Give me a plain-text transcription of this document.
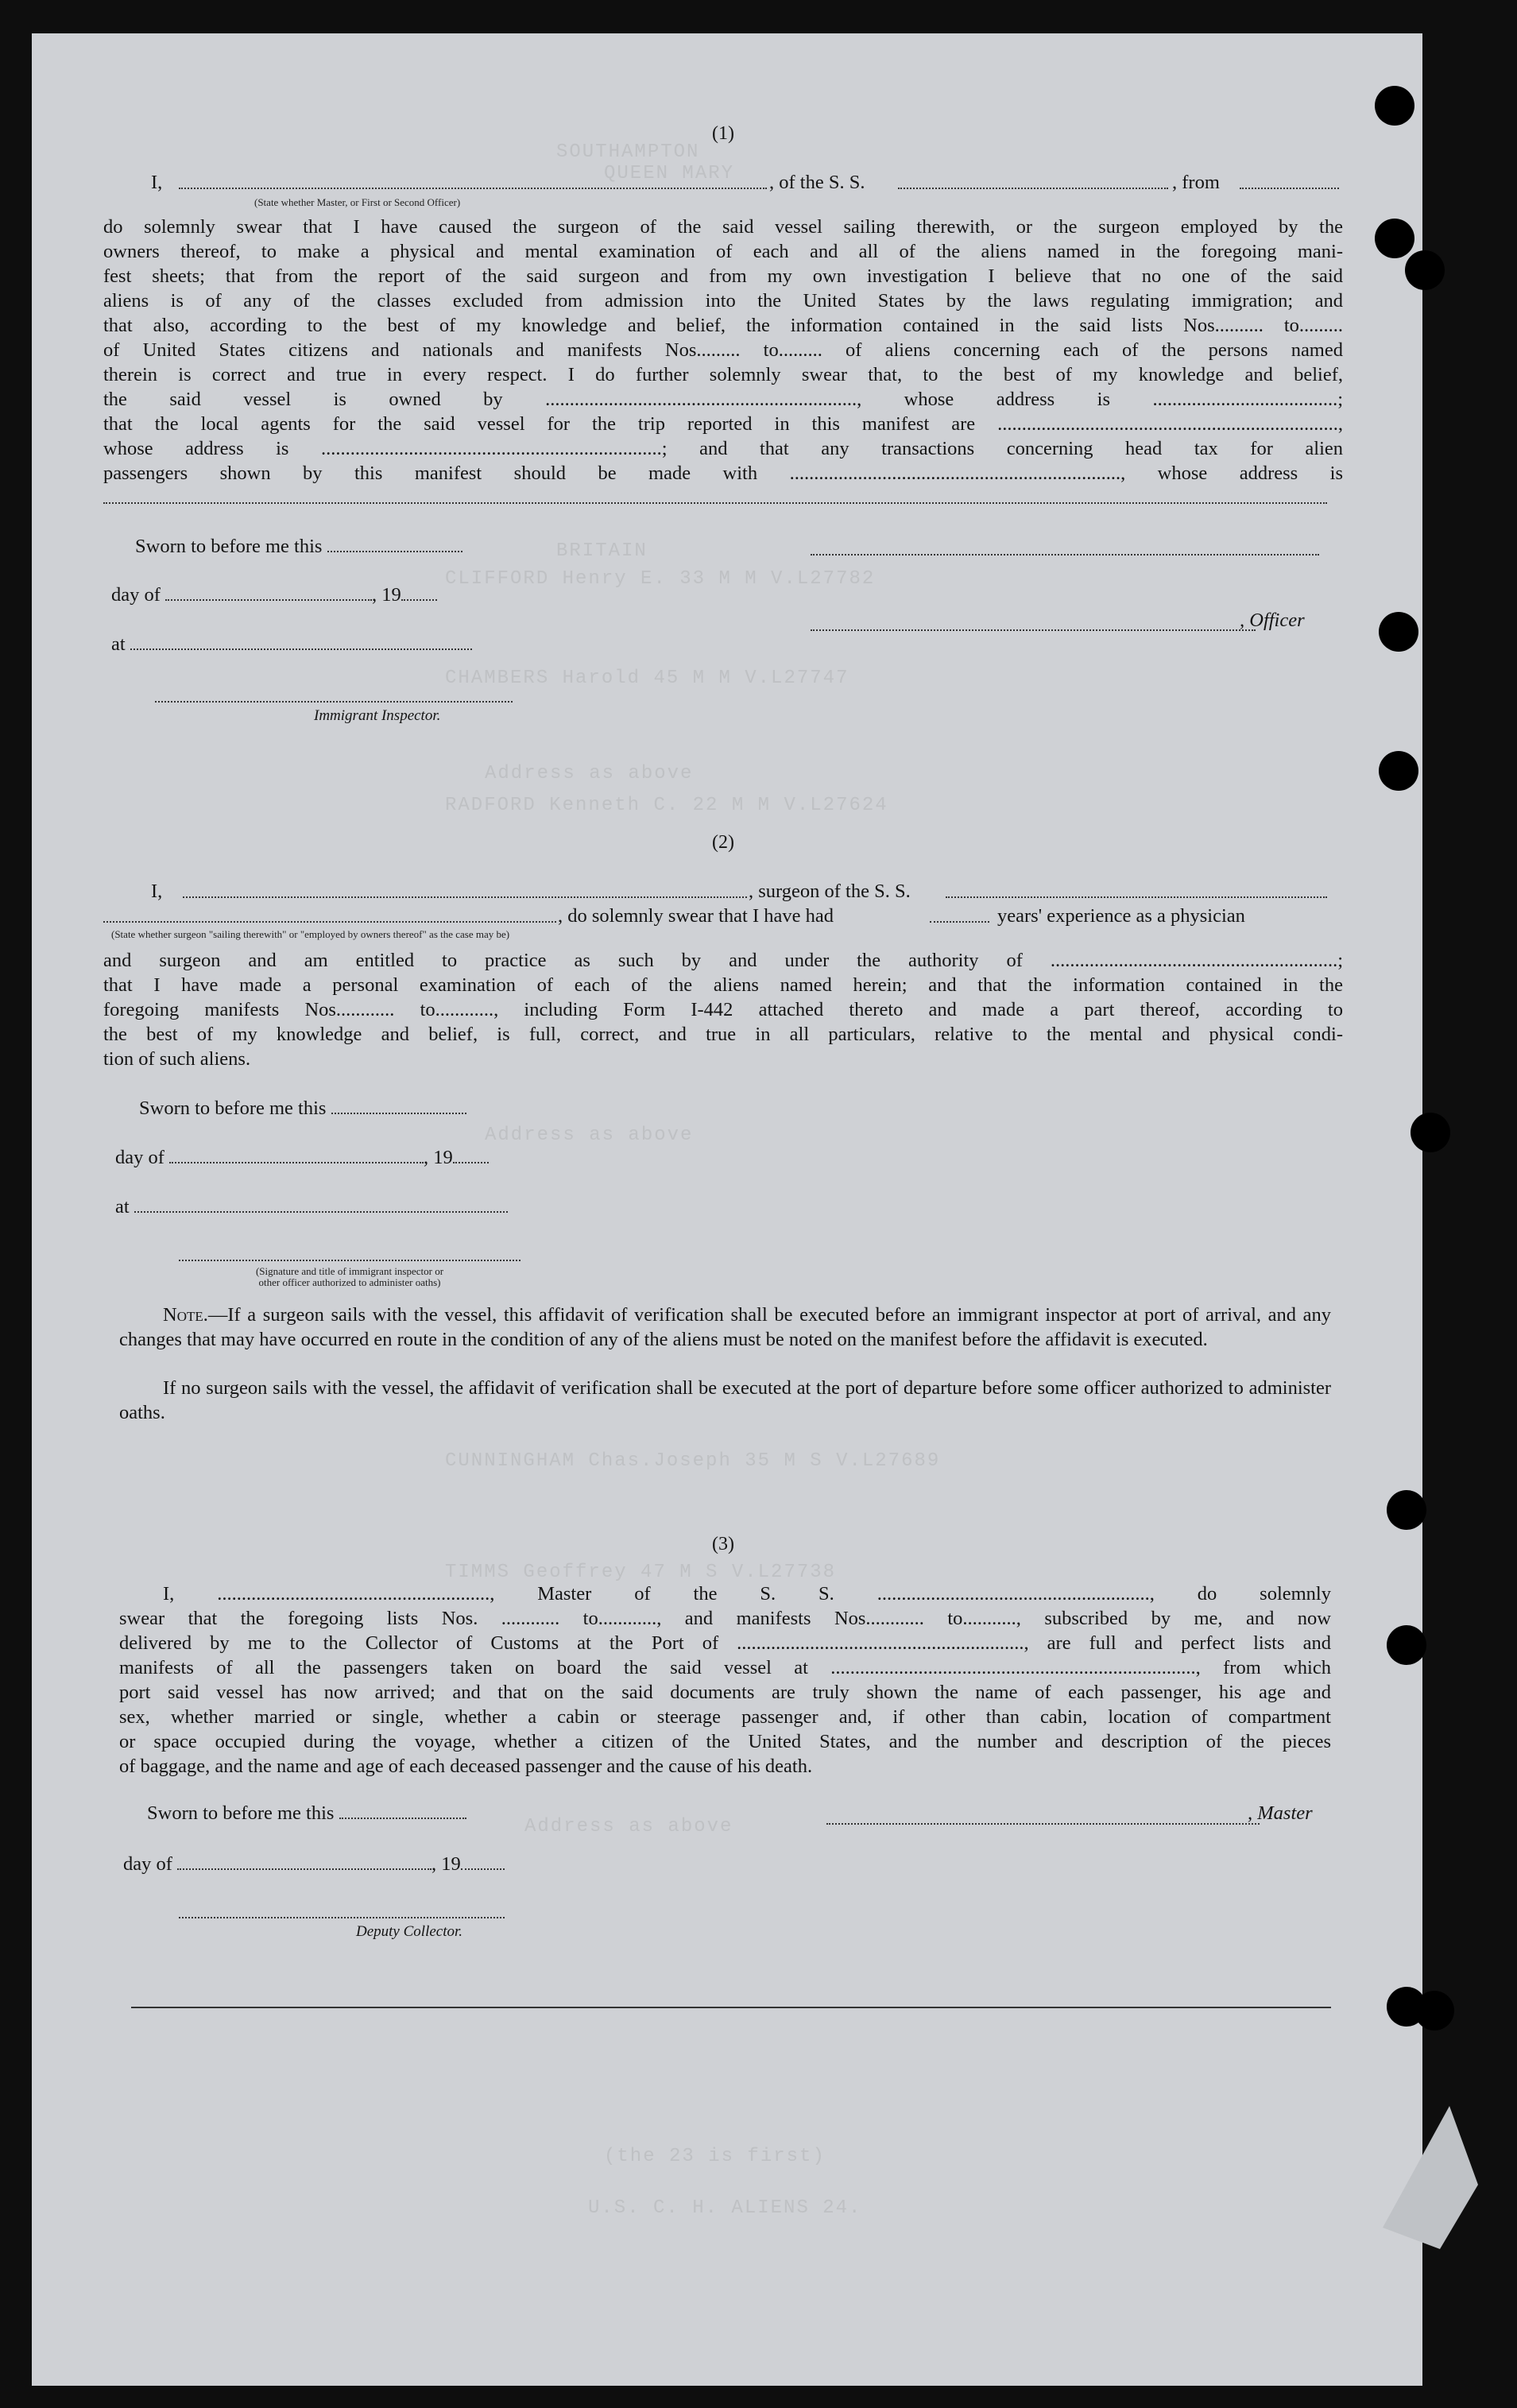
QUEEN MARY
SOUTHAMPTON
BRITAIN
CLIFFORD Henry E. 33 M M V.L27782
CHAMBERS Harold 45 M M V.L27747
RADFORD Kenneth C. 22 M M V.L27624
Address as above
Address as above
CUNNINGHAM Chas.Joseph 35 M S V.L27689
TIMMS Geoffrey 47 M S V.L27738
Address as above
(the 23 is first)
U.S. C. H. ALIENS 24.
(1)
I,	, of the S. S.	, from
(State whether Master, or First or Second Officer)
do solemnly swear that I have caused the surgeon of the said vessel sailing therewith, or the surgeon employed by the
owners thereof, to make a physical and mental examination of each and all of the aliens named in the foregoing mani-
fest sheets; that from the report of the said surgeon and from my own investigation I believe that no one of the said
aliens is of any of the classes excluded from admission into the United States by the laws regulating immigration; and
that also, according to the best of my knowledge and belief, the information contained in the said lists Nos.......... to.........
of United States citizens and nationals and manifests Nos......... to......... of aliens concerning each of the persons named
therein is correct and true in every respect. I do further solemnly swear that, to the best of my knowledge and belief,
the said vessel is owned by ................................................................, whose address is ......................................;
that the local agents for the said vessel for the trip reported in this manifest are ......................................................................,
whose address is ......................................................................; and that any transactions concerning head tax for alien
passengers shown by this manifest should be made with ...................................................................., whose address is
Sworn to before me this
day of	, 19
, Officer
at
Immigrant Inspector.
(2)
I,	, surgeon of the S. S.
, do solemnly swear that I have had	years' experience as a physician
(State whether surgeon "sailing therewith" or "employed by owners thereof" as the case may be)
and surgeon and am entitled to practice as such by and under the authority of ...........................................................;
that I have made a personal examination of each of the aliens named herein; and that the information contained in the
foregoing manifests Nos............ to............, including Form I-442 attached thereto and made a part thereof, according to
the best of my knowledge and belief, is full, correct, and true in all particulars, relative to the mental and physical condi-
tion of such aliens.
Sworn to before me this
day of	, 19
at
(Signature and title of immigrant inspector or
other officer authorized to administer oaths)
Note.—If a surgeon sails with the vessel, this affidavit of verification shall be executed before an immigrant inspector at port of arrival, and any changes that may have occurred en route in the condition of any of the aliens must be noted on the manifest before the affidavit is executed.
If no surgeon sails with the vessel, the affidavit of verification shall be executed at the port of departure before some officer authorized to administer oaths.
(3)
I, ........................................................, Master of the S. S. ........................................................, do solemnly
swear that the foregoing lists Nos. ............ to............, and manifests Nos............ to..........., subscribed by me, and now
delivered by me to the Collector of Customs at the Port of ..........................................................., are full and perfect lists and
manifests of all the passengers taken on board the said vessel at ..........................................................................., from which
port said vessel has now arrived; and that on the said documents are truly shown the name of each passenger, his age and
sex, whether married or single, whether a cabin or steerage passenger and, if other than cabin, location of compartment
or space occupied during the voyage, whether a citizen of the United States, and the number and description of the pieces
of baggage, and the name and age of each deceased passenger and the cause of his death.
Sworn to before me this	, Master
day of	, 19
Deputy Collector.
